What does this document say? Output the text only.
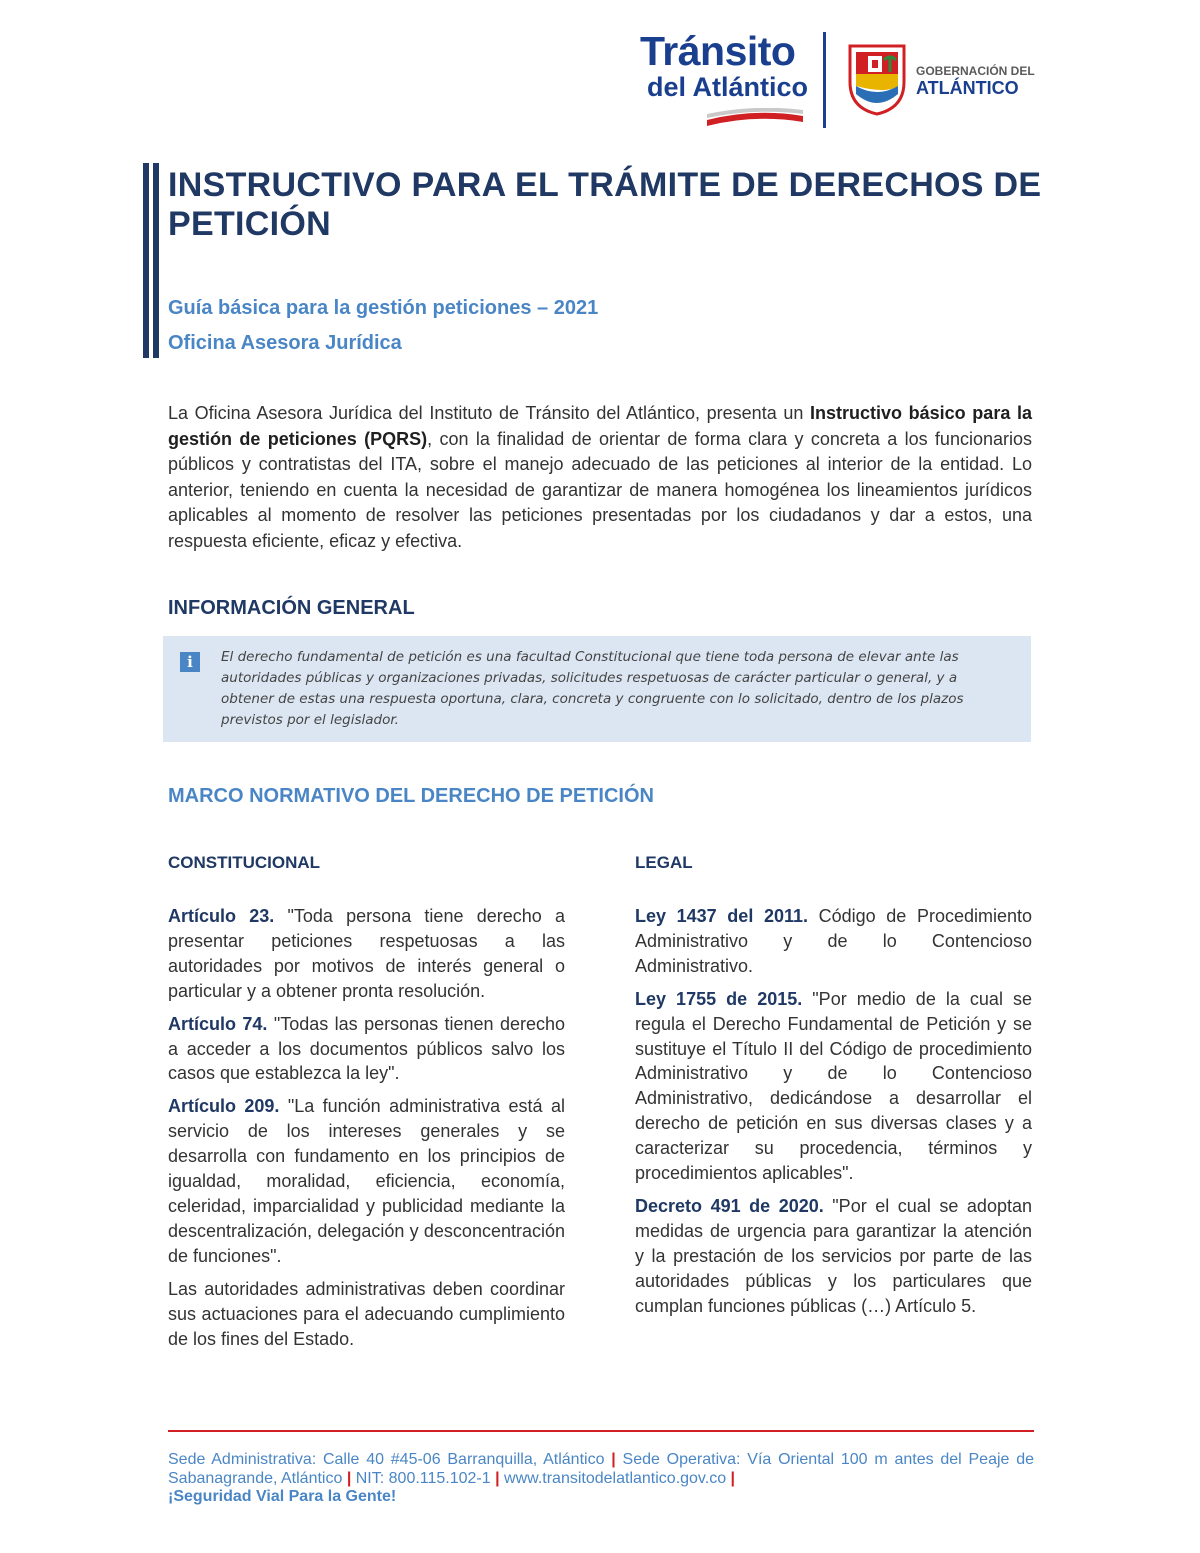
Tránsito
del Atlántico
GOBERNACIÓN DEL
ATLÁNTICO
INSTRUCTIVO PARA EL TRÁMITE DE DERECHOS DE PETICIÓN
Guía básica para la gestión peticiones – 2021
Oficina Asesora Jurídica

La Oficina Asesora Jurídica del Instituto de Tránsito del Atlántico, presenta un Instructivo básico para la gestión de peticiones (PQRS), con la finalidad de orientar de forma clara y concreta a los funcionarios públicos y contratistas del ITA, sobre el manejo adecuado de las peticiones al interior de la entidad. Lo anterior, teniendo en cuenta la necesidad de garantizar de manera homogénea los lineamientos jurídicos aplicables al momento de resolver las peticiones presentadas por los ciudadanos y dar a estos, una respuesta eficiente, eficaz y efectiva.

INFORMACIÓN GENERAL
i	El derecho fundamental de petición es una facultad Constitucional que tiene toda persona de elevar ante las autoridades públicas y organizaciones privadas, solicitudes respetuosas de carácter particular o general, y a obtener de estas una respuesta oportuna, clara, concreta y congruente con lo solicitado, dentro de los plazos previstos por el legislador.

MARCO NORMATIVO DEL DERECHO DE PETICIÓN
CONSTITUCIONAL

Artículo 23. "Toda persona tiene derecho a presentar peticiones respetuosas a las autoridades por motivos de interés general o particular y a obtener pronta resolución.

Artículo 74. "Todas las personas tienen derecho a acceder a los documentos públicos salvo los casos que establezca la ley".

Artículo 209. "La función administrativa está al servicio de los intereses generales y se desarrolla con fundamento en los principios de igualdad, moralidad, eficiencia, economía, celeridad, imparcialidad y publicidad mediante la descentralización, delegación y desconcentración de funciones".

Las autoridades administrativas deben coordinar sus actuaciones para el adecuando cumplimiento de los fines del Estado.

LEGAL

Ley 1437 del 2011. Código de Procedimiento Administrativo y de lo Contencioso Administrativo.

Ley 1755 de 2015. "Por medio de la cual se regula el Derecho Fundamental de Petición y se sustituye el Título II del Código de procedimiento Administrativo y de lo Contencioso Administrativo, dedicándose a desarrollar el derecho de petición en sus diversas clases y a caracterizar su procedencia, términos y procedimientos aplicables".

Decreto 491 de 2020. "Por el cual se adoptan medidas de urgencia para garantizar la atención y la prestación de los servicios por parte de las autoridades públicas y los particulares que cumplan funciones públicas (…) Artículo 5.

Sede Administrativa: Calle 40 #45-06 Barranquilla, Atlántico | Sede Operativa: Vía Oriental 100 m antes del Peaje de Sabanagrande, Atlántico | NIT: 800.115.102-1 | www.transitodelatlantico.gov.co |

¡Seguridad Vial Para la Gente!
